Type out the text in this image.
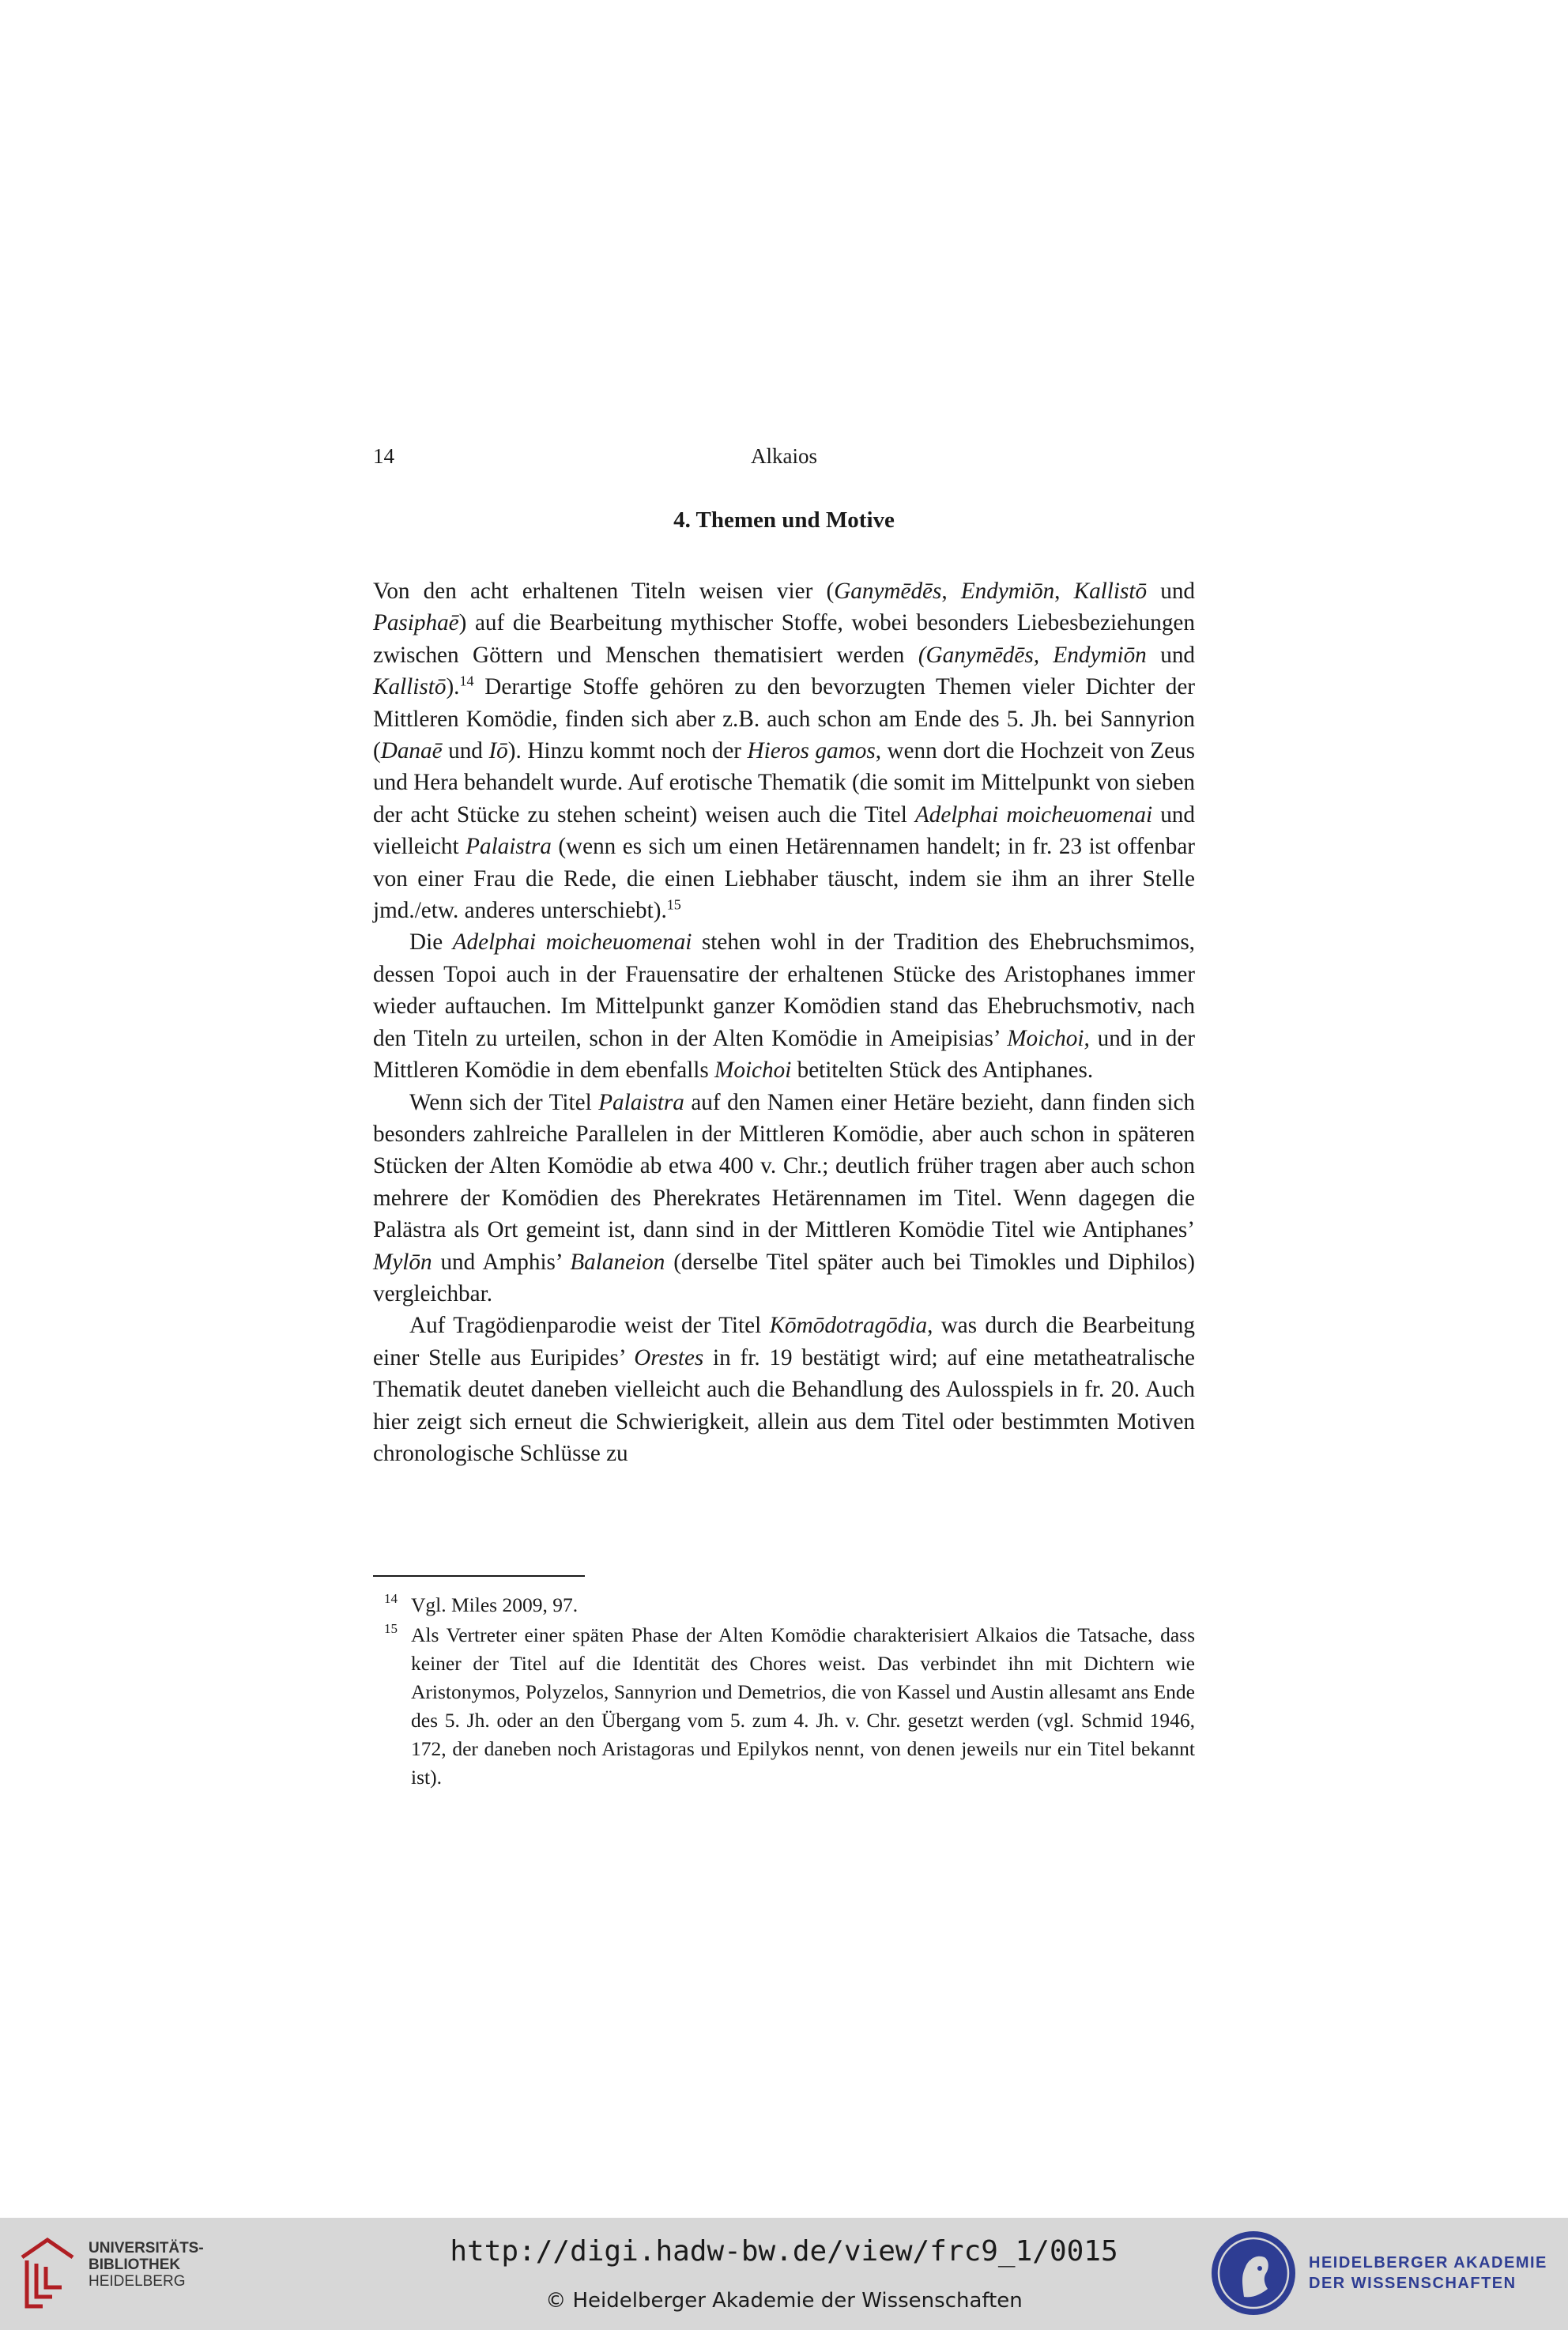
14	Alkaios
4. Themen und Motive

Von den acht erhaltenen Titeln weisen vier (Ganymēdēs, Endymiōn, Kallistō und Pasiphaē) auf die Bearbeitung mythischer Stoffe, wobei besonders Liebesbeziehungen zwischen Göttern und Menschen thematisiert werden (Ganymēdēs, Endymiōn und Kallistō).$^{14}$ Derartige Stoffe gehören zu den bevorzugten Themen vieler Dichter der Mittleren Komödie, finden sich aber z.B. auch schon am Ende des 5. Jh. bei Sannyrion (Danaē und Iō). Hinzu kommt noch der Hieros gamos, wenn dort die Hochzeit von Zeus und Hera behandelt wurde. Auf erotische Thematik (die somit im Mittelpunkt von sieben der acht Stücke zu stehen scheint) weisen auch die Titel Adelphai moicheuomenai und vielleicht Palaistra (wenn es sich um einen Hetärennamen handelt; in fr. 23 ist offenbar von einer Frau die Rede, die einen Liebhaber täuscht, indem sie ihm an ihrer Stelle jmd./etw. anderes unterschiebt).$^{15}$

Die Adelphai moicheuomenai stehen wohl in der Tradition des Ehebruchsmimos, dessen Topoi auch in der Frauensatire der erhaltenen Stücke des Aristophanes immer wieder auftauchen. Im Mittelpunkt ganzer Komödien stand das Ehebruchsmotiv, nach den Titeln zu urteilen, schon in der Alten Komödie in Ameipisias’ Moichoi, und in der Mittleren Komödie in dem ebenfalls Moichoi betitelten Stück des Antiphanes.

Wenn sich der Titel Palaistra auf den Namen einer Hetäre bezieht, dann finden sich besonders zahlreiche Parallelen in der Mittleren Komödie, aber auch schon in späteren Stücken der Alten Komödie ab etwa 400 v. Chr.; deutlich früher tragen aber auch schon mehrere der Komödien des Pherekrates Hetärennamen im Titel. Wenn dagegen die Palästra als Ort gemeint ist, dann sind in der Mittleren Komödie Titel wie Antiphanes’ Mylōn und Amphis’ Balaneion (derselbe Titel später auch bei Timokles und Diphilos) vergleichbar.

Auf Tragödienparodie weist der Titel Kōmōdotragōdia, was durch die Bearbeitung einer Stelle aus Euripides’ Orestes in fr. 19 bestätigt wird; auf eine metatheatralische Thematik deutet daneben vielleicht auch die Behandlung des Aulosspiels in fr. 20. Auch hier zeigt sich erneut die Schwierigkeit, allein aus dem Titel oder bestimmten Motiven chronologische Schlüsse zu

14 Vgl. Miles 2009, 97.
15 Als Vertreter einer späten Phase der Alten Komödie charakterisiert Alkaios die Tatsache, dass keiner der Titel auf die Identität des Chores weist. Das verbindet ihn mit Dichtern wie Aristonymos, Polyzelos, Sannyrion und Demetrios, die von Kassel und Austin allesamt ans Ende des 5. Jh. oder an den Übergang vom 5. zum 4. Jh. v. Chr. gesetzt werden (vgl. Schmid 1946, 172, der daneben noch Aristagoras und Epilykos nennt, von denen jeweils nur ein Titel bekannt ist).
UNIVERSITÄTS-
BIBLIOTHEK
HEIDELBERG
http://digi.hadw-bw.de/view/frc9_1/0015
© Heidelberger Akademie der Wissenschaften
HEIDELBERGER AKADEMIE
DER WISSENSCHAFTEN
